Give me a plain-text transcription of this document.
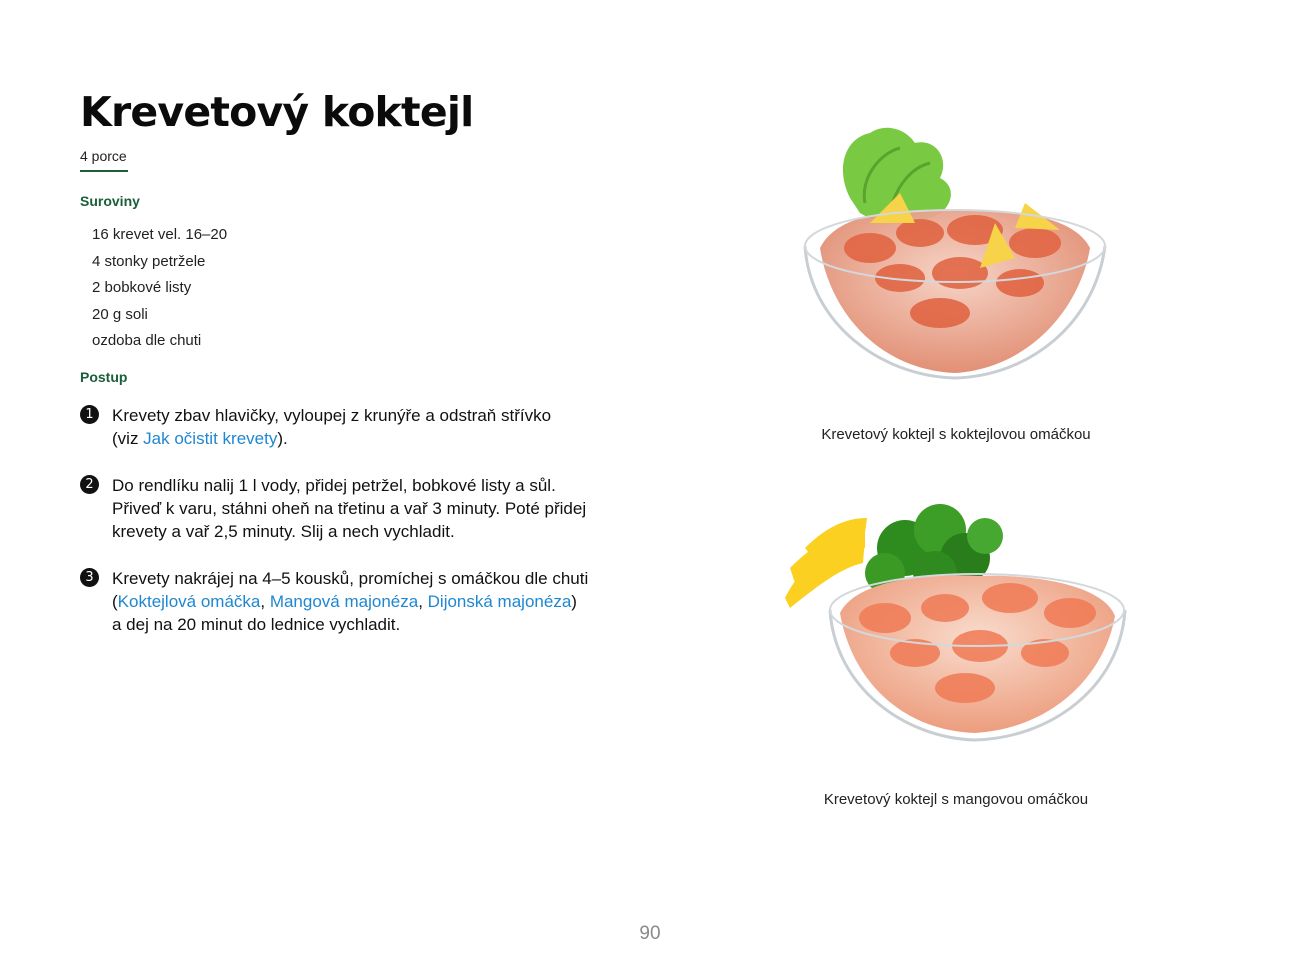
Krevetový koktejl
4 porce
Suroviny
16 krevet vel. 16–20
4 stonky petržele
2 bobkové listy
20 g soli
ozdoba dle chuti
Postup
1	Krevety zbav hlavičky, vyloupej z krunýře a odstraň střívko
(viz Jak očistit krevety).
2	Do rendlíku nalij 1 l vody, přidej petržel, bobkové listy a sůl. Přiveď k varu, stáhni oheň na třetinu a vař 3 minuty. Poté přidej krevety a vař 2,5 minuty. Slij a nech vychladit.
3	Krevety nakrájej na 4–5 kousků, promíchej s omáčkou dle chuti
(Koktejlová omáčka, Mangová majonéza, Dijonská majonéza)
a dej na 20 minut do lednice vychladit.
Krevetový koktejl s koktejlovou omáčkou
Krevetový koktejl s mangovou omáčkou
90
